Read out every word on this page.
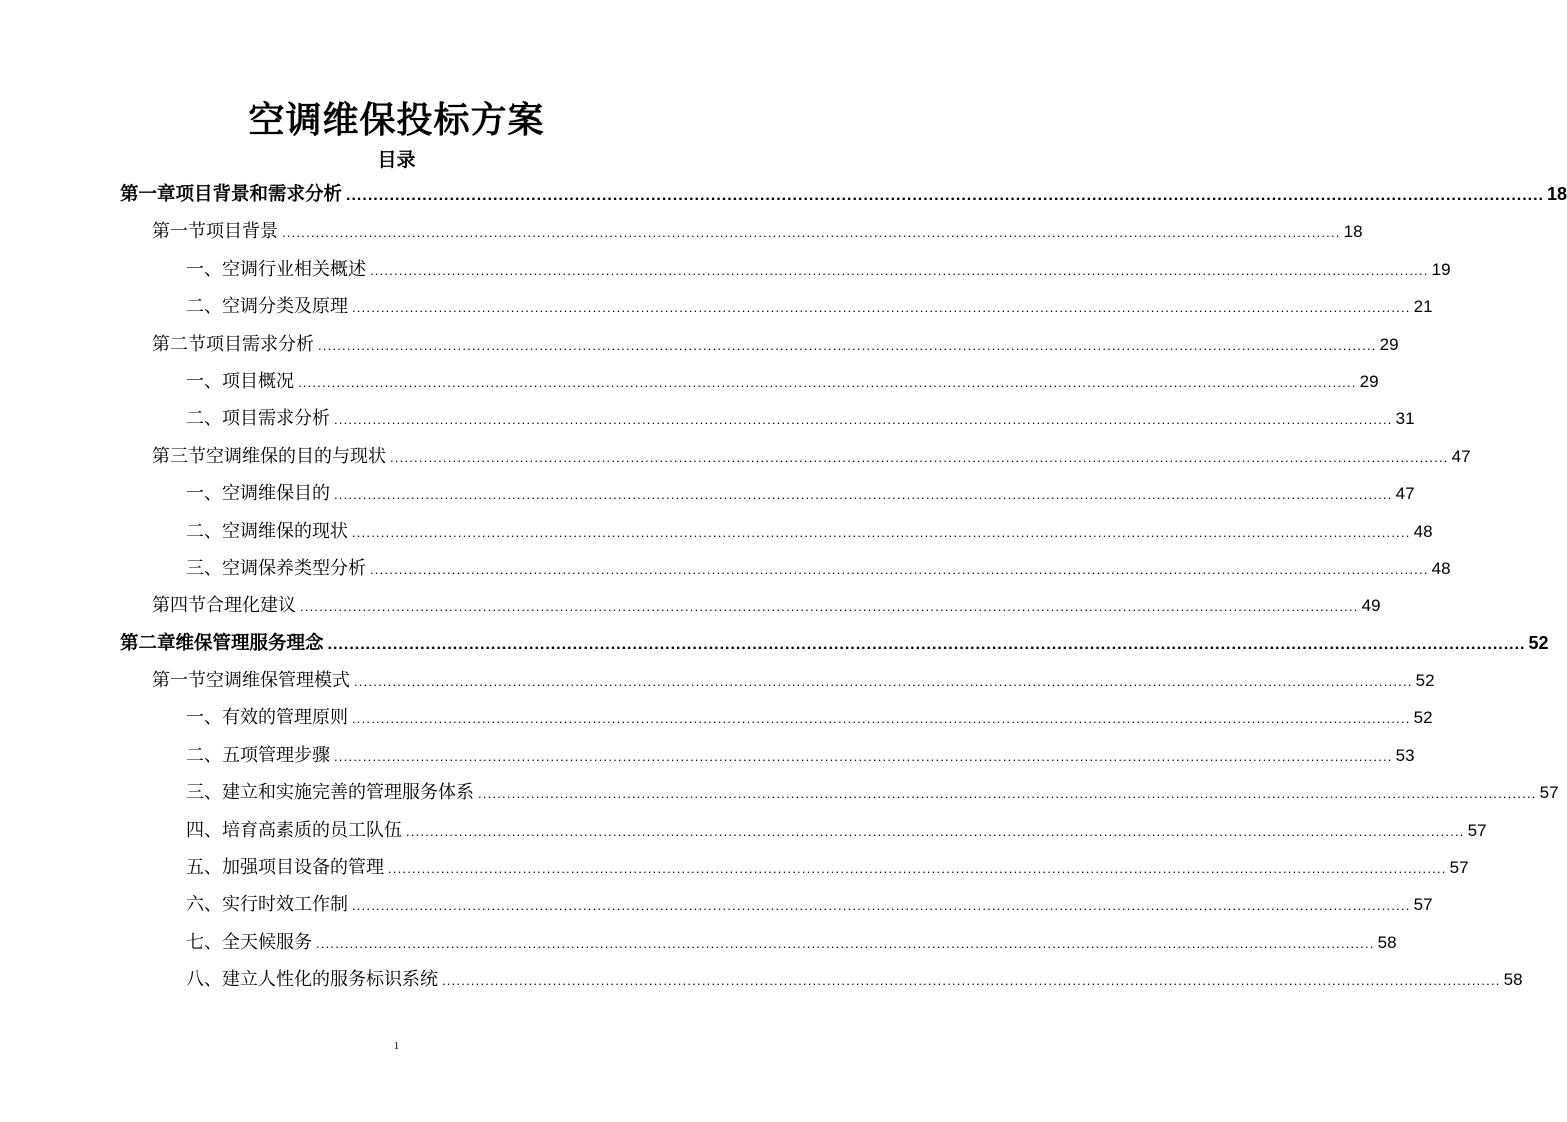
空调维保投标方案
目录
第一章 项目背景和需求分析 ............................................................................................................................................................................................................................ 18
第一节 项目背景 ............................................................................................................................................................................................................................ 18
一、 空调行业相关概述 ............................................................................................................................................................................................................................ 19
二、 空调分类及原理 ............................................................................................................................................................................................................................ 21
第二节 项目需求分析 ............................................................................................................................................................................................................................ 29
一、 项目概况 ............................................................................................................................................................................................................................ 29
二、 项目需求分析 ............................................................................................................................................................................................................................ 31
第三节 空调维保的目的与现状 ............................................................................................................................................................................................................................ 47
一、 空调维保目的 ............................................................................................................................................................................................................................ 47
二、 空调维保的现状 ............................................................................................................................................................................................................................ 48
三、 空调保养类型分析 ............................................................................................................................................................................................................................ 48
第四节 合理化建议 ............................................................................................................................................................................................................................ 49
第二章 维保管理服务理念 ............................................................................................................................................................................................................................ 52
第一节 空调维保管理模式 ............................................................................................................................................................................................................................ 52
一、 有效的管理原则 ............................................................................................................................................................................................................................ 52
二、 五项管理步骤 ............................................................................................................................................................................................................................ 53
三、 建立和实施完善的管理服务体系 ............................................................................................................................................................................................................................ 57
四、 培育高素质的员工队伍 ............................................................................................................................................................................................................................ 57
五、 加强项目设备的管理 ............................................................................................................................................................................................................................ 57
六、 实行时效工作制 ............................................................................................................................................................................................................................ 57
七、 全天候服务 ............................................................................................................................................................................................................................ 58
八、 建立人性化的服务标识系统 ............................................................................................................................................................................................................................ 58
1
